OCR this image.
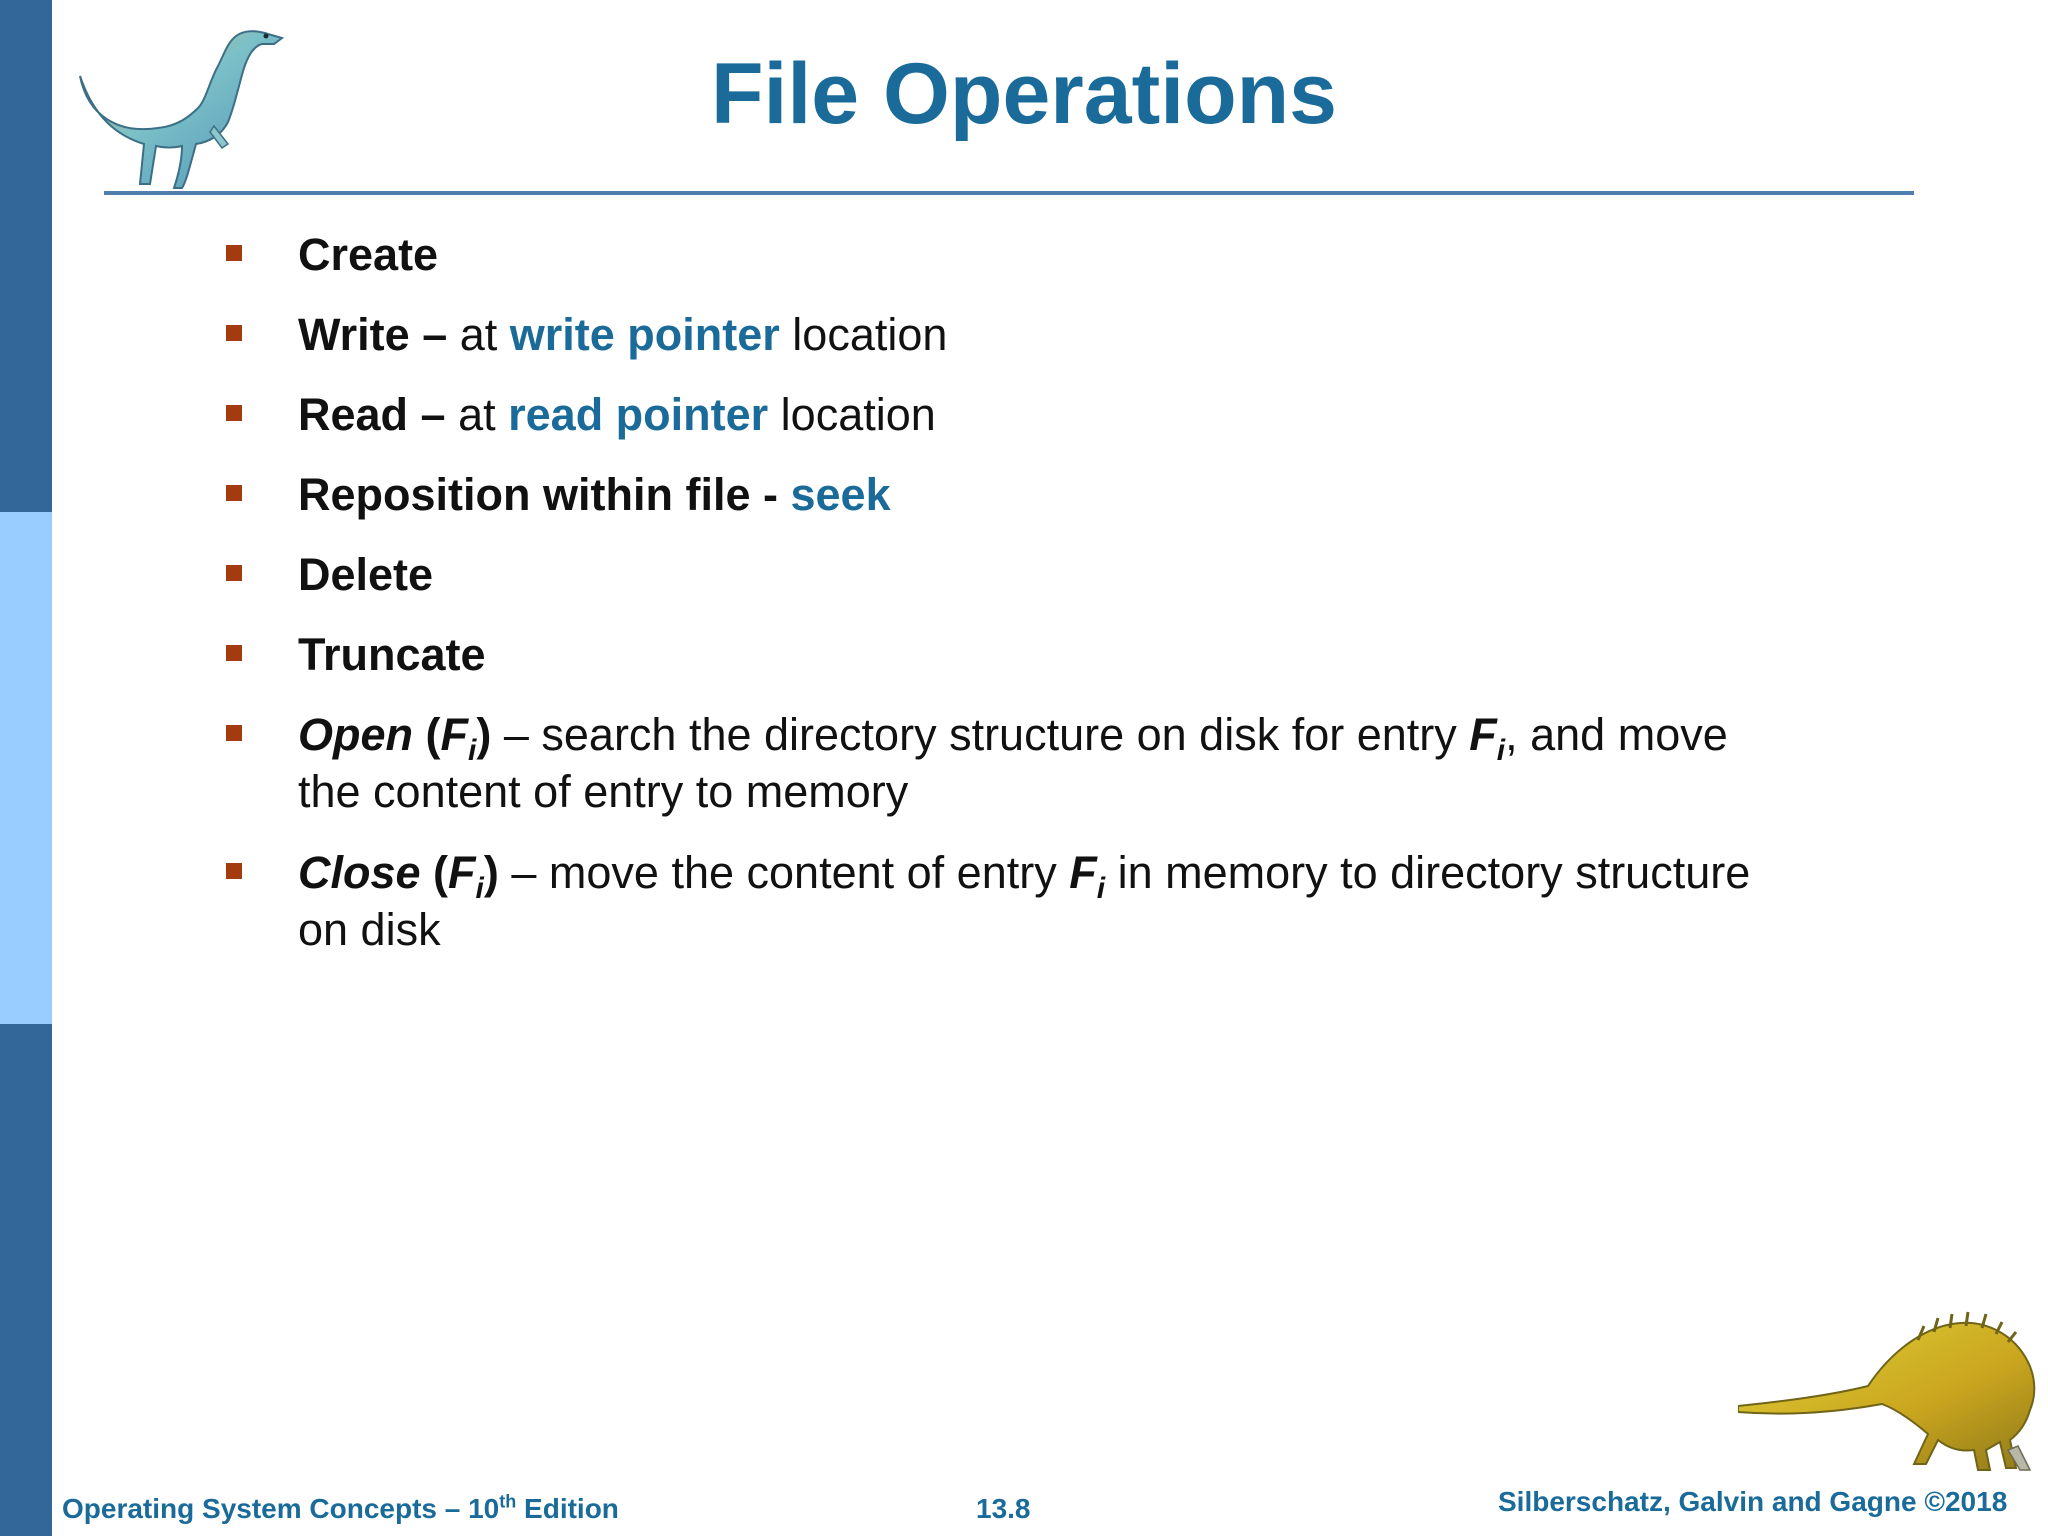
File Operations
Create
Write – at write pointer location
Read – at read pointer location
Reposition within file - seek
Delete
Truncate
Open $(F_i)$ – search the directory structure on disk for entry $F_i$, and move the content of entry to memory
Close $(F_i)$ – move the content of entry $F_i$ in memory to directory structure on disk
Operating System Concepts – 10th Edition	13.8	Silberschatz, Galvin and Gagne ©2018
